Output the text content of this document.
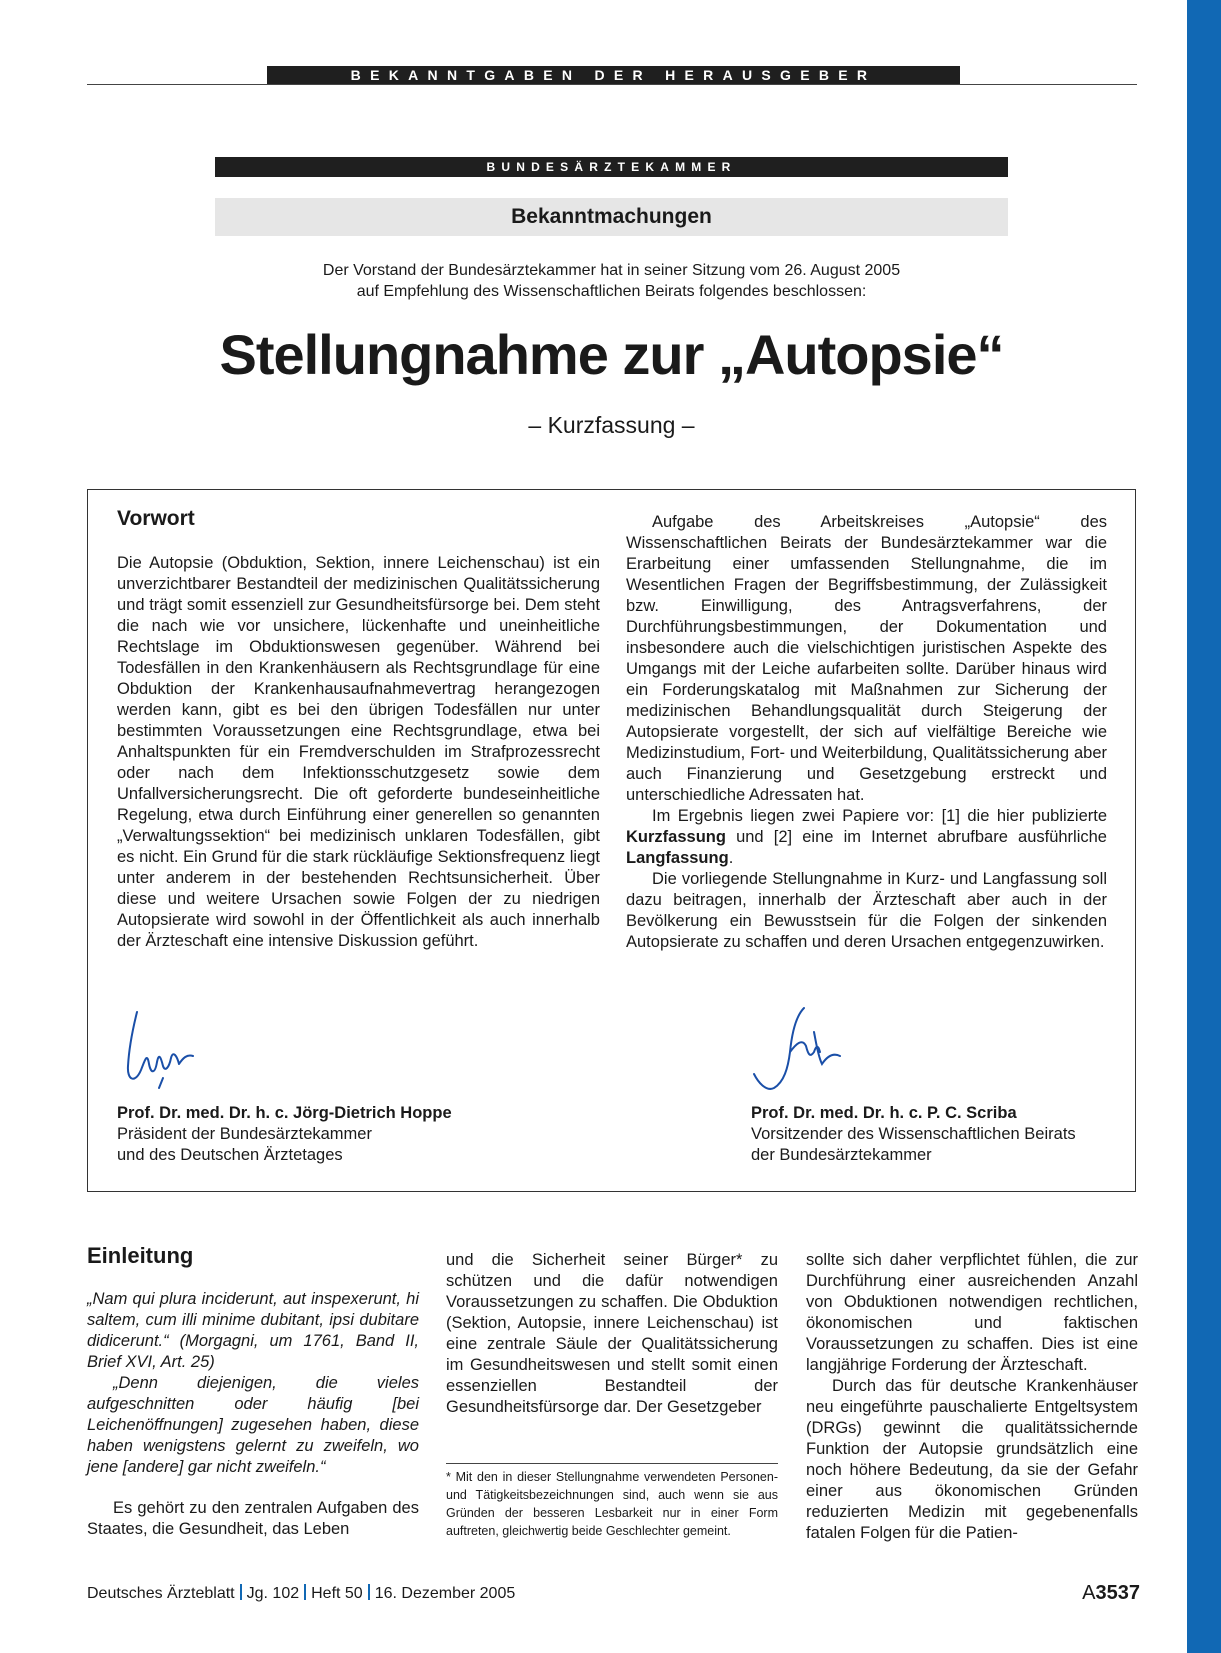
BEKANNTGABEN DER HERAUSGEBER
BUNDESÄRZTEKAMMER
Bekanntmachungen
Der Vorstand der Bundesärztekammer hat in seiner Sitzung vom 26. August 2005
auf Empfehlung des Wissenschaftlichen Beirats folgendes beschlossen:
Stellungnahme zur „Autopsie“
– Kurzfassung –
Vorwort

Die Autopsie (Obduktion, Sektion, innere Leichenschau) ist ein unverzichtbarer Bestandteil der medizinischen Qualitätssicherung und trägt somit essenziell zur Gesundheitsfürsorge bei. Dem steht die nach wie vor unsichere, lückenhafte und uneinheitliche Rechtslage im Obduktionswesen gegenüber. Während bei Todesfällen in den Krankenhäusern als Rechtsgrundlage für eine Obduktion der Krankenhausaufnahmevertrag herangezogen werden kann, gibt es bei den übrigen Todesfällen nur unter bestimmten Voraussetzungen eine Rechtsgrundlage, etwa bei Anhaltspunkten für ein Fremdverschulden im Strafprozessrecht oder nach dem Infektionsschutzgesetz sowie dem Unfallversicherungsrecht. Die oft geforderte bundeseinheitliche Regelung, etwa durch Einführung einer generellen so genannten „Verwaltungssektion“ bei medizinisch unklaren Todesfällen, gibt es nicht. Ein Grund für die stark rückläufige Sektionsfrequenz liegt unter anderem in der bestehenden Rechtsunsicherheit. Über diese und weitere Ursachen sowie Folgen der zu niedrigen Autopsierate wird sowohl in der Öffentlichkeit als auch innerhalb der Ärzteschaft eine intensive Diskussion geführt.

Aufgabe des Arbeitskreises „Autopsie“ des Wissenschaftlichen Beirats der Bundesärztekammer war die Erarbeitung einer umfassenden Stellungnahme, die im Wesentlichen Fragen der Begriffsbestimmung, der Zulässigkeit bzw. Einwilligung, des Antragsverfahrens, der Durchführungsbestimmungen, der Dokumentation und insbesondere auch die vielschichtigen juristischen Aspekte des Umgangs mit der Leiche aufarbeiten sollte. Darüber hinaus wird ein Forderungskatalog mit Maßnahmen zur Sicherung der medizinischen Behandlungsqualität durch Steigerung der Autopsierate vorgestellt, der sich auf vielfältige Bereiche wie Medizinstudium, Fort- und Weiterbildung, Qualitätssicherung aber auch Finanzierung und Gesetzgebung erstreckt und unterschiedliche Adressaten hat.

Im Ergebnis liegen zwei Papiere vor: [1] die hier publizierte Kurzfassung und [2] eine im Internet abrufbare ausführliche Langfassung.

Die vorliegende Stellungnahme in Kurz- und Langfassung soll dazu beitragen, innerhalb der Ärzteschaft aber auch in der Bevölkerung ein Bewusstsein für die Folgen der sinkenden Autopsierate zu schaffen und deren Ursachen entgegenzuwirken.

Prof. Dr. med. Dr. h. c. Jörg-Dietrich Hoppe
Präsident der Bundesärztekammer
und des Deutschen Ärztetages
Prof. Dr. med. Dr. h. c. P. C. Scriba
Vorsitzender des Wissenschaftlichen Beirats
der Bundesärztekammer
Einleitung

„Nam qui plura inciderunt, aut inspexerunt, hi saltem, cum illi minime dubitant, ipsi dubitare didicerunt.“ (Morgagni, um 1761, Band II, Brief XVI, Art. 25)

„Denn diejenigen, die vieles aufgeschnitten oder häufig [bei Leichenöffnungen] zugesehen haben, diese haben wenigstens gelernt zu zweifeln, wo jene [andere] gar nicht zweifeln.“

Es gehört zu den zentralen Aufgaben des Staates, die Gesundheit, das Leben

und die Sicherheit seiner Bürger* zu schützen und die dafür notwendigen Voraussetzungen zu schaffen. Die Obduktion (Sektion, Autopsie, innere Leichenschau) ist eine zentrale Säule der Qualitätssicherung im Gesundheitswesen und stellt somit einen essenziellen Bestandteil der Gesundheitsfürsorge dar. Der Gesetzgeber

* Mit den in dieser Stellungnahme verwendeten Personen- und Tätigkeitsbezeichnungen sind, auch wenn sie aus Gründen der besseren Lesbarkeit nur in einer Form auftreten, gleichwertig beide Geschlechter gemeint.

sollte sich daher verpflichtet fühlen, die zur Durchführung einer ausreichenden Anzahl von Obduktionen notwendigen rechtlichen, ökonomischen und faktischen Voraussetzungen zu schaffen. Dies ist eine langjährige Forderung der Ärzteschaft.

Durch das für deutsche Krankenhäuser neu eingeführte pauschalierte Entgeltsystem (DRGs) gewinnt die qualitätssichernde Funktion der Autopsie grundsätzlich eine noch höhere Bedeutung, da sie der Gefahr einer aus ökonomischen Gründen reduzierten Medizin mit gegebenenfalls fatalen Folgen für die Patien-

Deutsches Ärzteblatt Jg. 102 Heft 50 16. Dezember 2005	A3537
